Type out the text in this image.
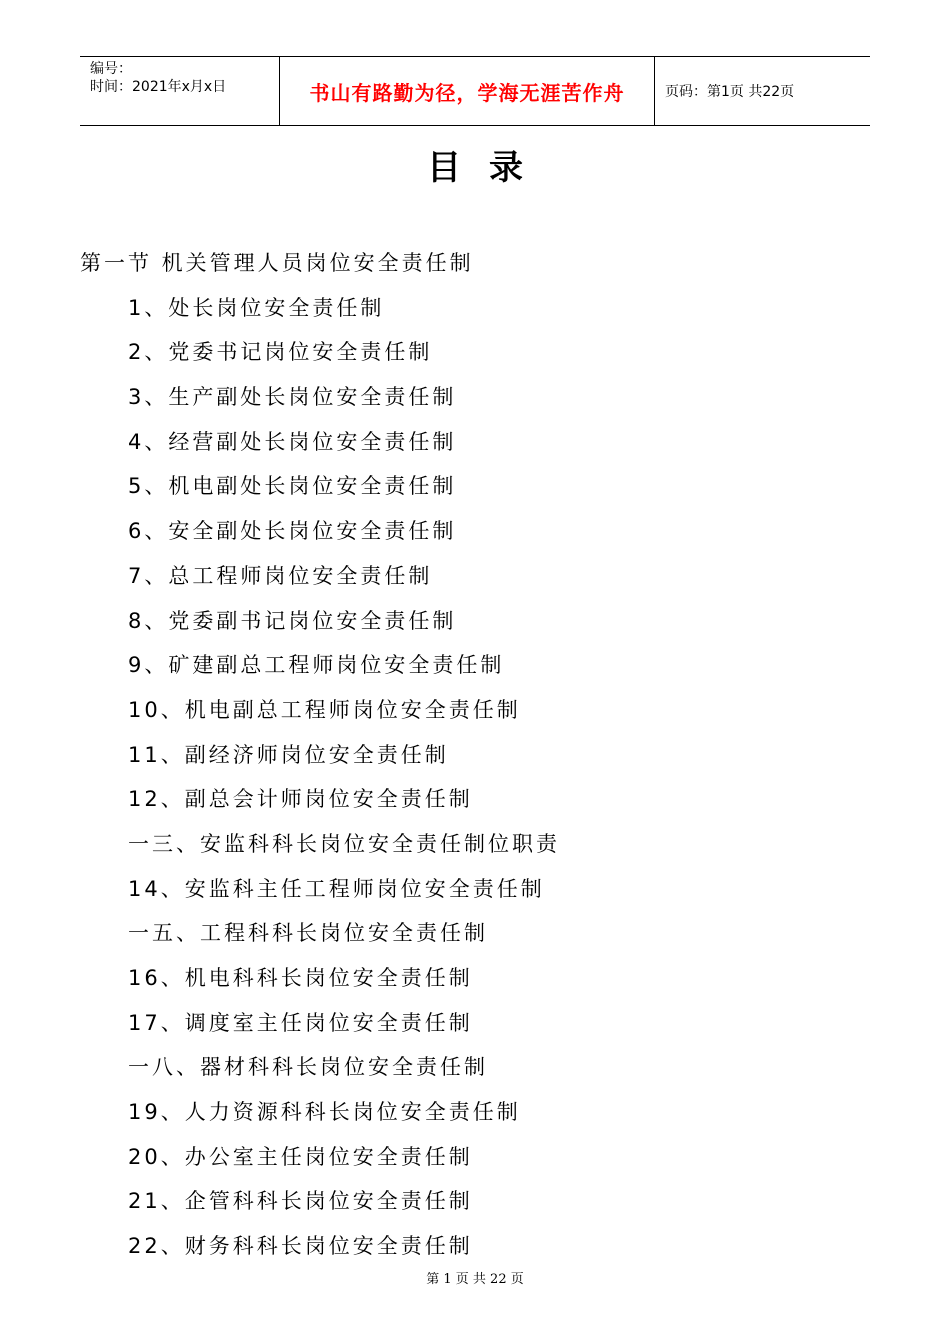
编号：
时间：2021年x月x日	书山有路勤为径，学海无涯苦作舟	页码：第1页 共22页
目录
第一节 机关管理人员岗位安全责任制
1、处长岗位安全责任制
2、党委书记岗位安全责任制
3、生产副处长岗位安全责任制
4、经营副处长岗位安全责任制
5、机电副处长岗位安全责任制
6、安全副处长岗位安全责任制
7、总工程师岗位安全责任制
8、党委副书记岗位安全责任制
9、矿建副总工程师岗位安全责任制
10、机电副总工程师岗位安全责任制
11、副经济师岗位安全责任制
12、副总会计师岗位安全责任制
一三、安监科科长岗位安全责任制位职责
14、安监科主任工程师岗位安全责任制
一五、工程科科长岗位安全责任制
16、机电科科长岗位安全责任制
17、调度室主任岗位安全责任制
一八、器材科科长岗位安全责任制
19、人力资源科科长岗位安全责任制
20、办公室主任岗位安全责任制
21、企管科科长岗位安全责任制
22、财务科科长岗位安全责任制
第 1 页 共 22 页
